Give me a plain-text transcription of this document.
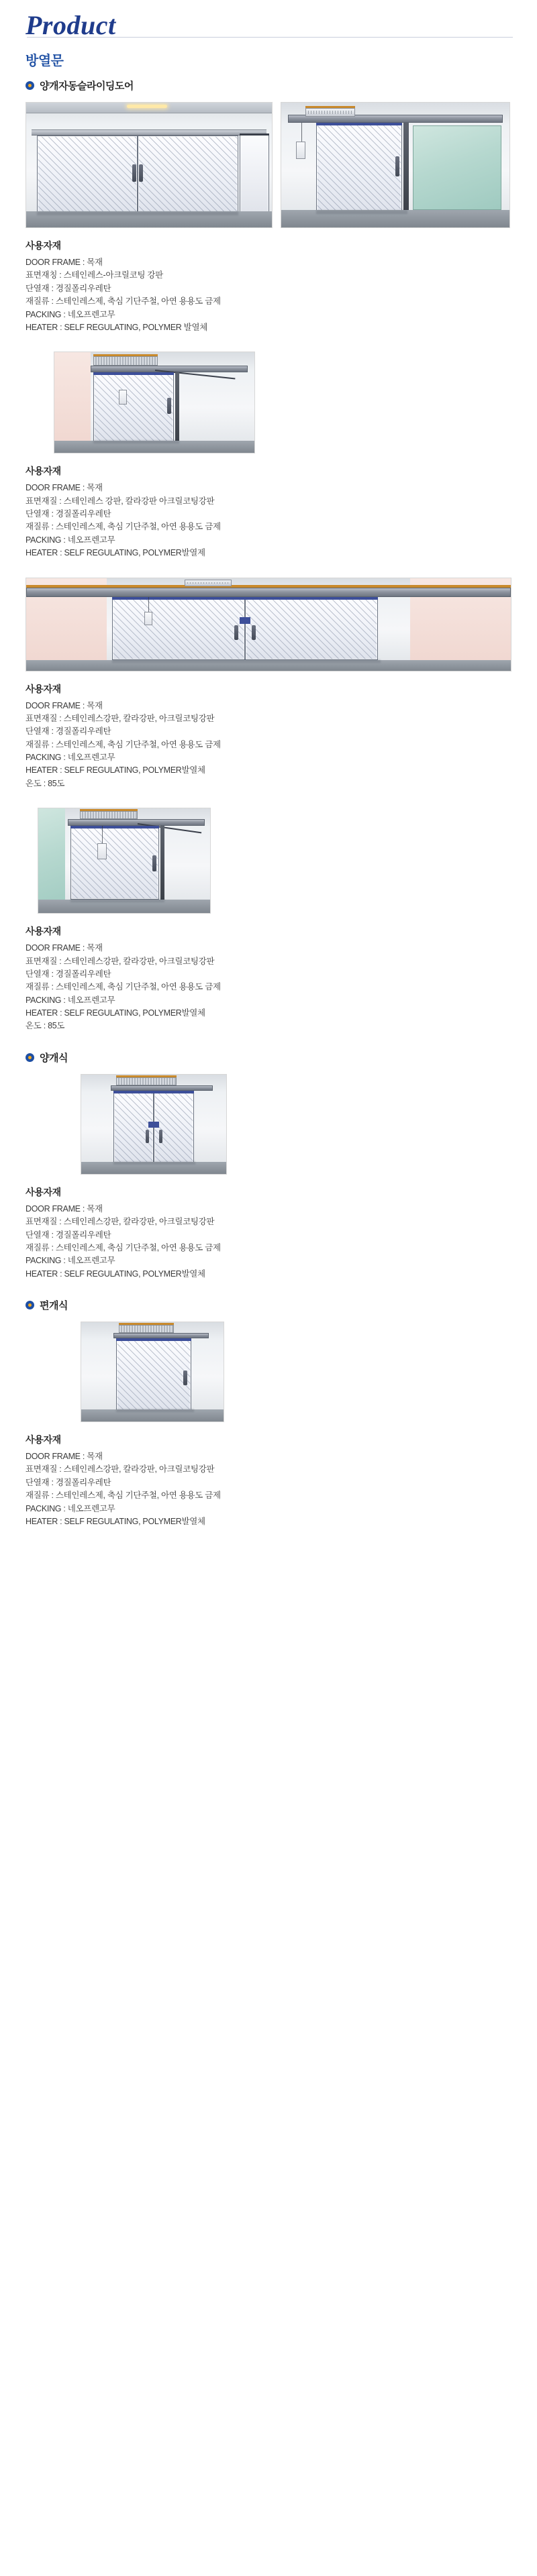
Product
방열문
양개자동슬라이딩도어
사용자재
DOOR FRAME : 목재
표면재칭 : 스테인레스-아크릴코팅 강판
단열재 : 경질폴리우레탄
재질류 : 스테인레스제, 축심 기단주철, 아연 용용도 금제
PACKING : 네오프렌고무
HEATER : SELF REGULATING, POLYMER 발열체
사용자재
DOOR FRAME : 목재
표면재질 : 스테인레스 강판, 칼라강판 아크릴코팅강판
단열재 : 경질폴리우레탄
재질류 : 스테인레스제, 축심 기단주철, 아연 용용도 금제
PACKING : 네오프렌고무
HEATER : SELF REGULATING, POLYMER발열제
사용자재
DOOR FRAME : 목재
표면재질 : 스테인레스강판, 칼라강판, 아크릴코팅강판
단열재 : 경질폴리우레탄
재질류 : 스테인레스제, 축심 기단주철, 아연 용용도 금제
PACKING : 네오프렌고무
HEATER : SELF REGULATING, POLYMER발열체
온도 : 85도
사용자재
DOOR FRAME : 목재
표면재질 : 스테인레스강판, 칼라강판, 아크릴코팅강판
단열재 : 경질폴리우레탄
재질류 : 스테인레스제, 축심 기단주철, 아연 용용도 금제
PACKING : 네오프렌고무
HEATER : SELF REGULATING, POLYMER발열체
온도 : 85도
양개식
사용자재
DOOR FRAME : 목재
표면재질 : 스테인레스강판, 칼라강판, 아크릴코팅강판
단열재 : 경질폴리우레탄
재질류 : 스테인레스제, 축심 기단주철, 아연 용용도 금제
PACKING : 네오프렌고무
HEATER : SELF REGULATING, POLYMER발열체
편개식
사용자재
DOOR FRAME : 목재
표면재질 : 스테인레스강판, 칼라강판, 아크릴코팅강판
단열재 : 경질폴리우레탄
재질류 : 스테인레스제, 축심 기단주철, 아연 용용도 금제
PACKING : 네오프렌고무
HEATER : SELF REGULATING, POLYMER발열체
